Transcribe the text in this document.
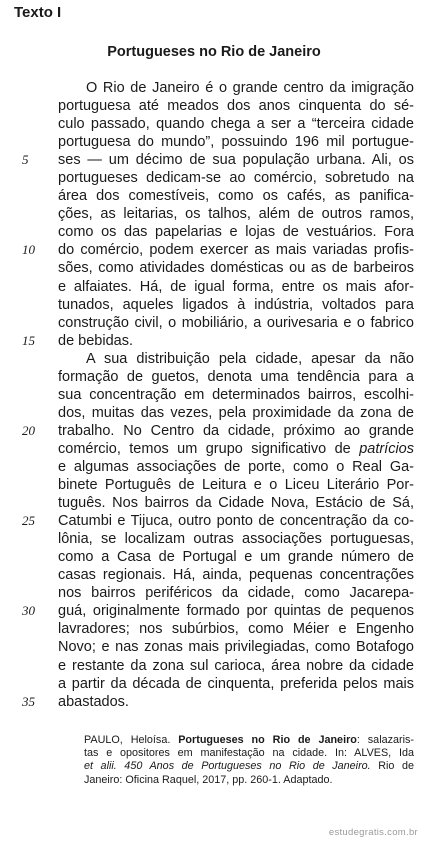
Texto I
Portugueses no Rio de Janeiro
O Rio de Janeiro é o grande centro da imigração
portuguesa até meados dos anos cinquenta do sé-
culo passado, quando chega a ser a “terceira cidade
portuguesa do mundo”, possuindo 196 mil portugue-
5	ses — um décimo de sua população urbana. Ali, os
portugueses dedicam-se ao comércio, sobretudo na
área dos comestíveis, como os cafés, as panifica-
ções, as leitarias, os talhos, além de outros ramos,
como os das papelarias e lojas de vestuários. Fora
10 do comércio, podem exercer as mais variadas profis-
sões, como atividades domésticas ou as de barbeiros
e alfaiates. Há, de igual forma, entre os mais afor-
tunados, aqueles ligados à indústria, voltados para
construção civil, o mobiliário, a ourivesaria e o fabrico
15 de bebidas.
A sua distribuição pela cidade, apesar da não
formação de guetos, denota uma tendência para a
sua concentração em determinados bairros, escolhi-
dos, muitas das vezes, pela proximidade da zona de
20 trabalho. No Centro da cidade, próximo ao grande
comércio, temos um grupo significativo de patrícios
e algumas associações de porte, como o Real Ga-
binete Português de Leitura e o Liceu Literário Por-
tuguês. Nos bairros da Cidade Nova, Estácio de Sá,
25 Catumbi e Tijuca, outro ponto de concentração da co-
lônia, se localizam outras associações portuguesas,
como a Casa de Portugal e um grande número de
casas regionais. Há, ainda, pequenas concentrações
nos bairros periféricos da cidade, como Jacarepa-
30 guá, originalmente formado por quintas de pequenos
lavradores; nos subúrbios, como Méier e Engenho
Novo; e nas zonas mais privilegiadas, como Botafogo
e restante da zona sul carioca, área nobre da cidade
a partir da década de cinquenta, preferida pelos mais
35 abastados.
PAULO, Heloísa. Portugueses no Rio de Janeiro: salazaris-
tas e opositores em manifestação na cidade. In: ALVES, Ida
et alii. 450 Anos de Portugueses no Rio de Janeiro. Rio de
Janeiro: Oficina Raquel, 2017, pp. 260-1. Adaptado.
estudegratis.com.br
